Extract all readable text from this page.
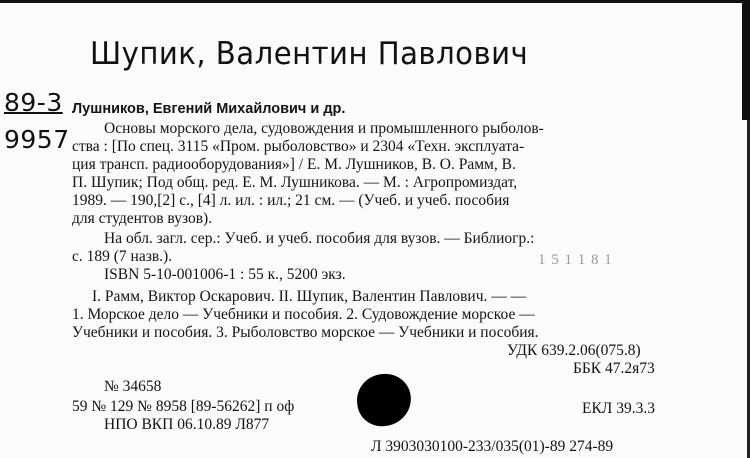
Шупик, Валентин Павлович
89-3
9957
Лушников, Евгений Михайлович и др.
Основы морского дела, судовождения и промышленного рыболов-
ства : [По спец. 3115 «Пром. рыболовство» и 2304 «Техн. эксплуата-
ция трансп. радиооборудования»] / Е. М. Лушников, В. О. Рамм, В.
П. Шупик; Под общ. ред. Е. М. Лушникова. — М. : Агропромиздат,
1989. — 190,[2] с., [4] л. ил. : ил.; 21 см. — (Учеб. и учеб. пособия
для студентов вузов).
На обл. загл. сер.: Учеб. и учеб. пособия для вузов. — Библиогр.:
с. 189 (7 назв.).
ISBN 5-10-001006-1 : 55 к., 5200 экз.
I. Рамм, Виктор Оскарович. II. Шупик, Валентин Павлович. — —
1. Морское дело — Учебники и пособия. 2. Судовождение морское —
Учебники и пособия. 3. Рыболовство морское — Учебники и пособия.
УДК 639.2.06(075.8)
ББК 47.2я73
№ 34658
59 № 129 № 8958 [89-56262] п оф	ЕКЛ 39.3.3
НПО ВКП 06.10.89 Л877
Л 3903030100-233/035(01)-89 274-89
1 5 1 1 8 1
